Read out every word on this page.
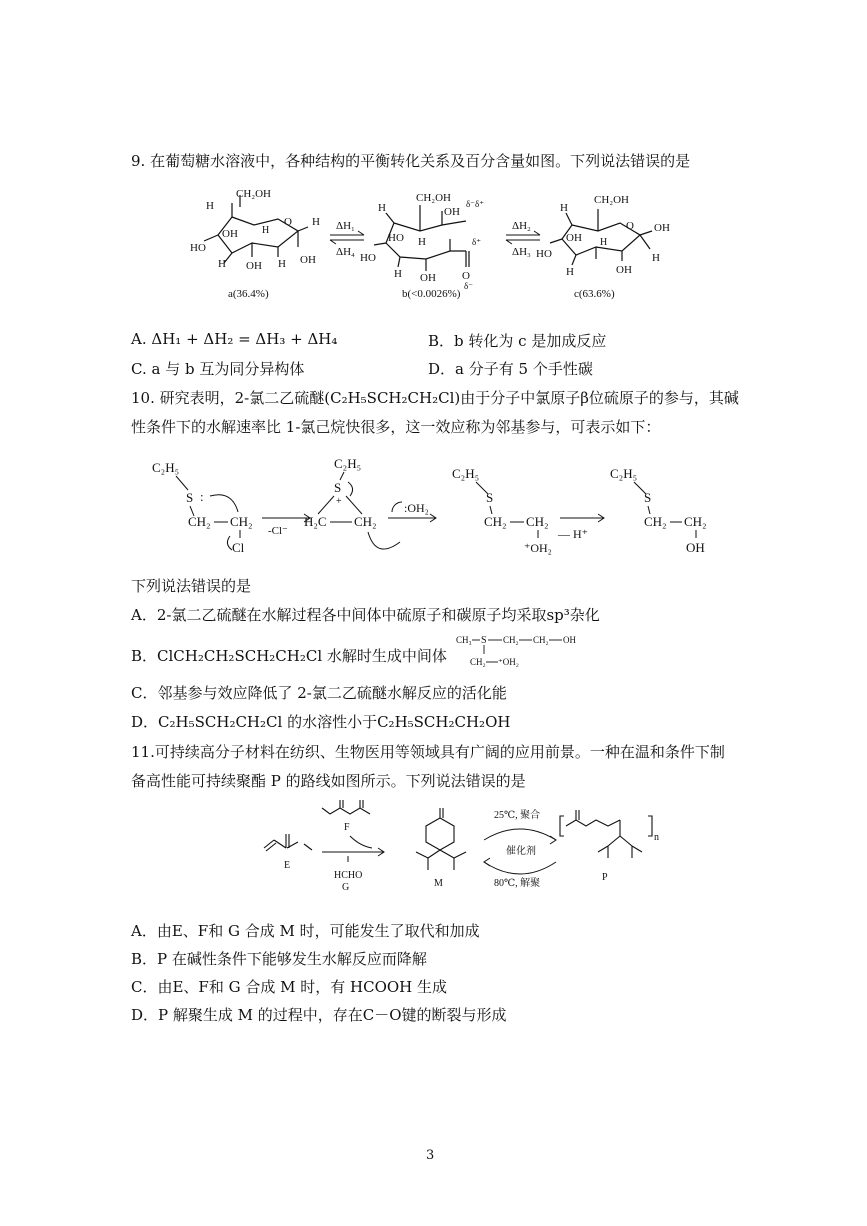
9. 在葡萄糖水溶液中，各种结构的平衡转化关系及百分含量如图。下列说法错误的是
CH₂OH
O
H
H
H
H	H
OH
HO
OH	OH
a(36.4%)
ΔH₁
ΔH₄
CH₂OH
OH
δ⁻δ⁺
H
H
H
HO
OH
HO
δ⁺
O
δ⁻
b(<0.0026%)
ΔH₂
ΔH₃
CH₂OH
O
H
H
H
H
OH
HO
OH
OH
c(63.6%)
A. ΔH₁ + ΔH₂ = ΔH₃ + ΔH₄	B．b 转化为 c 是加成反应
C. a 与 b 互为同分异构体	D．a 分子有 5 个手性碳
10. 研究表明，2-氯二乙硫醚(C₂H₅SCH₂CH₂Cl)由于分子中氯原子β位硫原子的参与，其碱
性条件下的水解速率比 1-氯己烷快很多，这一效应称为邻基参与，可表示如下：
C₂H₅
S :
CH₂ CH₂
Cl
-Cl⁻
C₂H₅
S
+
H₂C CH₂
:OH₂
C₂H₅
S
CH₂ CH₂
⁺OH₂
— H⁺
C₂H₅
S
CH₂ CH₂
OH
下列说法错误的是
A．2-氯二乙硫醚在水解过程各中间体中硫原子和碳原子均采取sp³杂化
B．ClCH₂CH₂SCH₂CH₂Cl 水解时生成中间体
CH₃ S CH₂ CH₂ OH
CH₂ ⁺OH₂
C．邻基参与效应降低了 2-氯二乙硫醚水解反应的活化能
D．C₂H₅SCH₂CH₂Cl 的水溶性小于C₂H₅SCH₂CH₂OH
11.可持续高分子材料在纺织、生物医用等领域具有广阔的应用前景。一种在温和条件下制
备高性能可持续聚酯 P 的路线如图所示。下列说法错误的是
E
F
HCHO
G	M
25℃, 聚合
催化剂
80℃, 解聚
n
P
A．由E、F和 G 合成 M 时，可能发生了取代和加成
B．P 在碱性条件下能够发生水解反应而降解
C．由E、F和 G 合成 M 时，有 HCOOH 生成
D．P 解聚生成 M 的过程中，存在C－O键的断裂与形成
3
